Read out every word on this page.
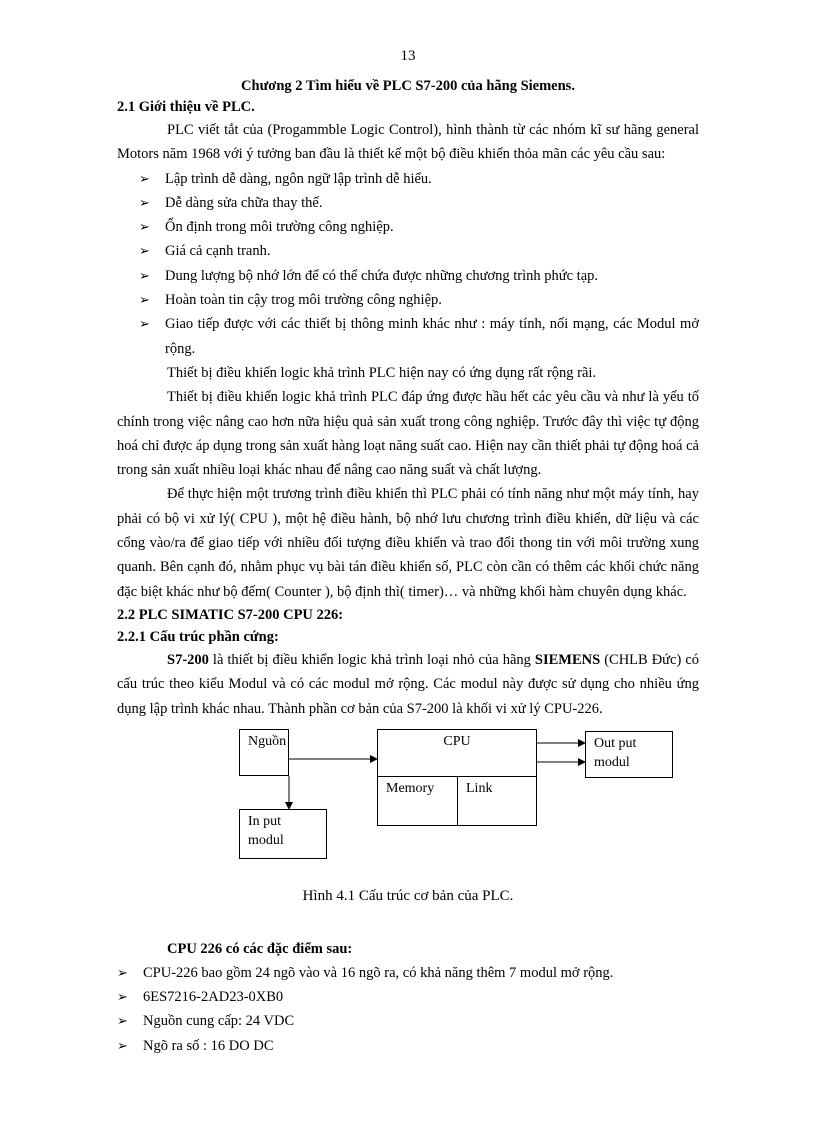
13
Chương 2 Tìm hiểu về PLC S7-200 của hãng Siemens.
2.1 Giới thiệu về PLC.

PLC viết tắt của (Progammble Logic Control), hình thành từ các nhóm kĩ sư hãng general Motors năm 1968 với ý tưởng ban đầu là thiết kế một bộ điều khiển thỏa mãn các yêu cầu sau:

➢	Lập trình dễ dàng, ngôn ngữ lập trình dễ hiểu.
➢	Dễ dàng sửa chữa thay thế.
➢	Ổn định trong môi trường công nghiệp.
➢	Giá cả cạnh tranh.
➢	Dung lượng bộ nhớ lớn để có thể chứa được những chương trình phức tạp.
➢	Hoàn toàn tin cậy trog môi trường công nghiệp.
➢	Giao tiếp được với các thiết bị thông minh khác như : máy tính, nối mạng, các Modul mở rộng.

Thiết bị điều khiển logic khả trình PLC hiện nay có ứng dụng rất rộng rãi.

Thiết bị điều khiển logic khả trình PLC đáp ứng được hầu hết các yêu cầu và như là yếu tố chính trong việc nâng cao hơn nữa hiệu quả sản xuất trong công nghiệp. Trước đây thì việc tự động hoá chỉ được áp dụng trong sản xuất hàng loạt năng suất cao. Hiện nay cần thiết phải tự động hoá cả trong sản xuất nhiều loại khác nhau để nâng cao năng suất và chất lượng.

Để thực hiện một trương trình điều khiển thì PLC phải có tính năng như một máy tính, hay phải có bộ vi xử lý( CPU ), một hệ điều hành, bộ nhớ lưu chương trình điều khiển, dữ liệu và các cổng vào/ra để giao tiếp với nhiều đối tượng điều khiển và trao đổi thong tin với môi trường xung quanh. Bên cạnh đó, nhằm phục vụ bài tán điều khiển số, PLC còn cần có thêm các khối chức năng đặc biệt khác như bộ đếm( Counter ), bộ định thì( timer)… và những khối hàm chuyên dụng khác.

2.2 PLC SIMATIC S7-200 CPU 226:
2.2.1 Cấu trúc phần cứng:

S7-200 là thiết bị điều khiển logic khả trình loại nhỏ của hãng SIEMENS (CHLB Đức) có cấu trúc theo kiểu Modul và có các modul mở rộng. Các modul này được sử dụng cho nhiều ứng dụng lập trình khác nhau. Thành phần cơ bản của S7-200 là khối vi xử lý CPU-226.

Nguồn	CPU
Memory	Link
Out put modul
In put modul
Hình 4.1 Cấu trúc cơ bản của PLC.
CPU 226 có các đặc điểm sau:
➢	CPU-226 bao gồm 24 ngõ vào và 16 ngõ ra, có khả năng thêm 7 modul mở rộng.
➢	6ES7216-2AD23-0XB0
➢	Nguồn cung cấp: 24 VDC
➢	Ngõ ra số : 16 DO DC
